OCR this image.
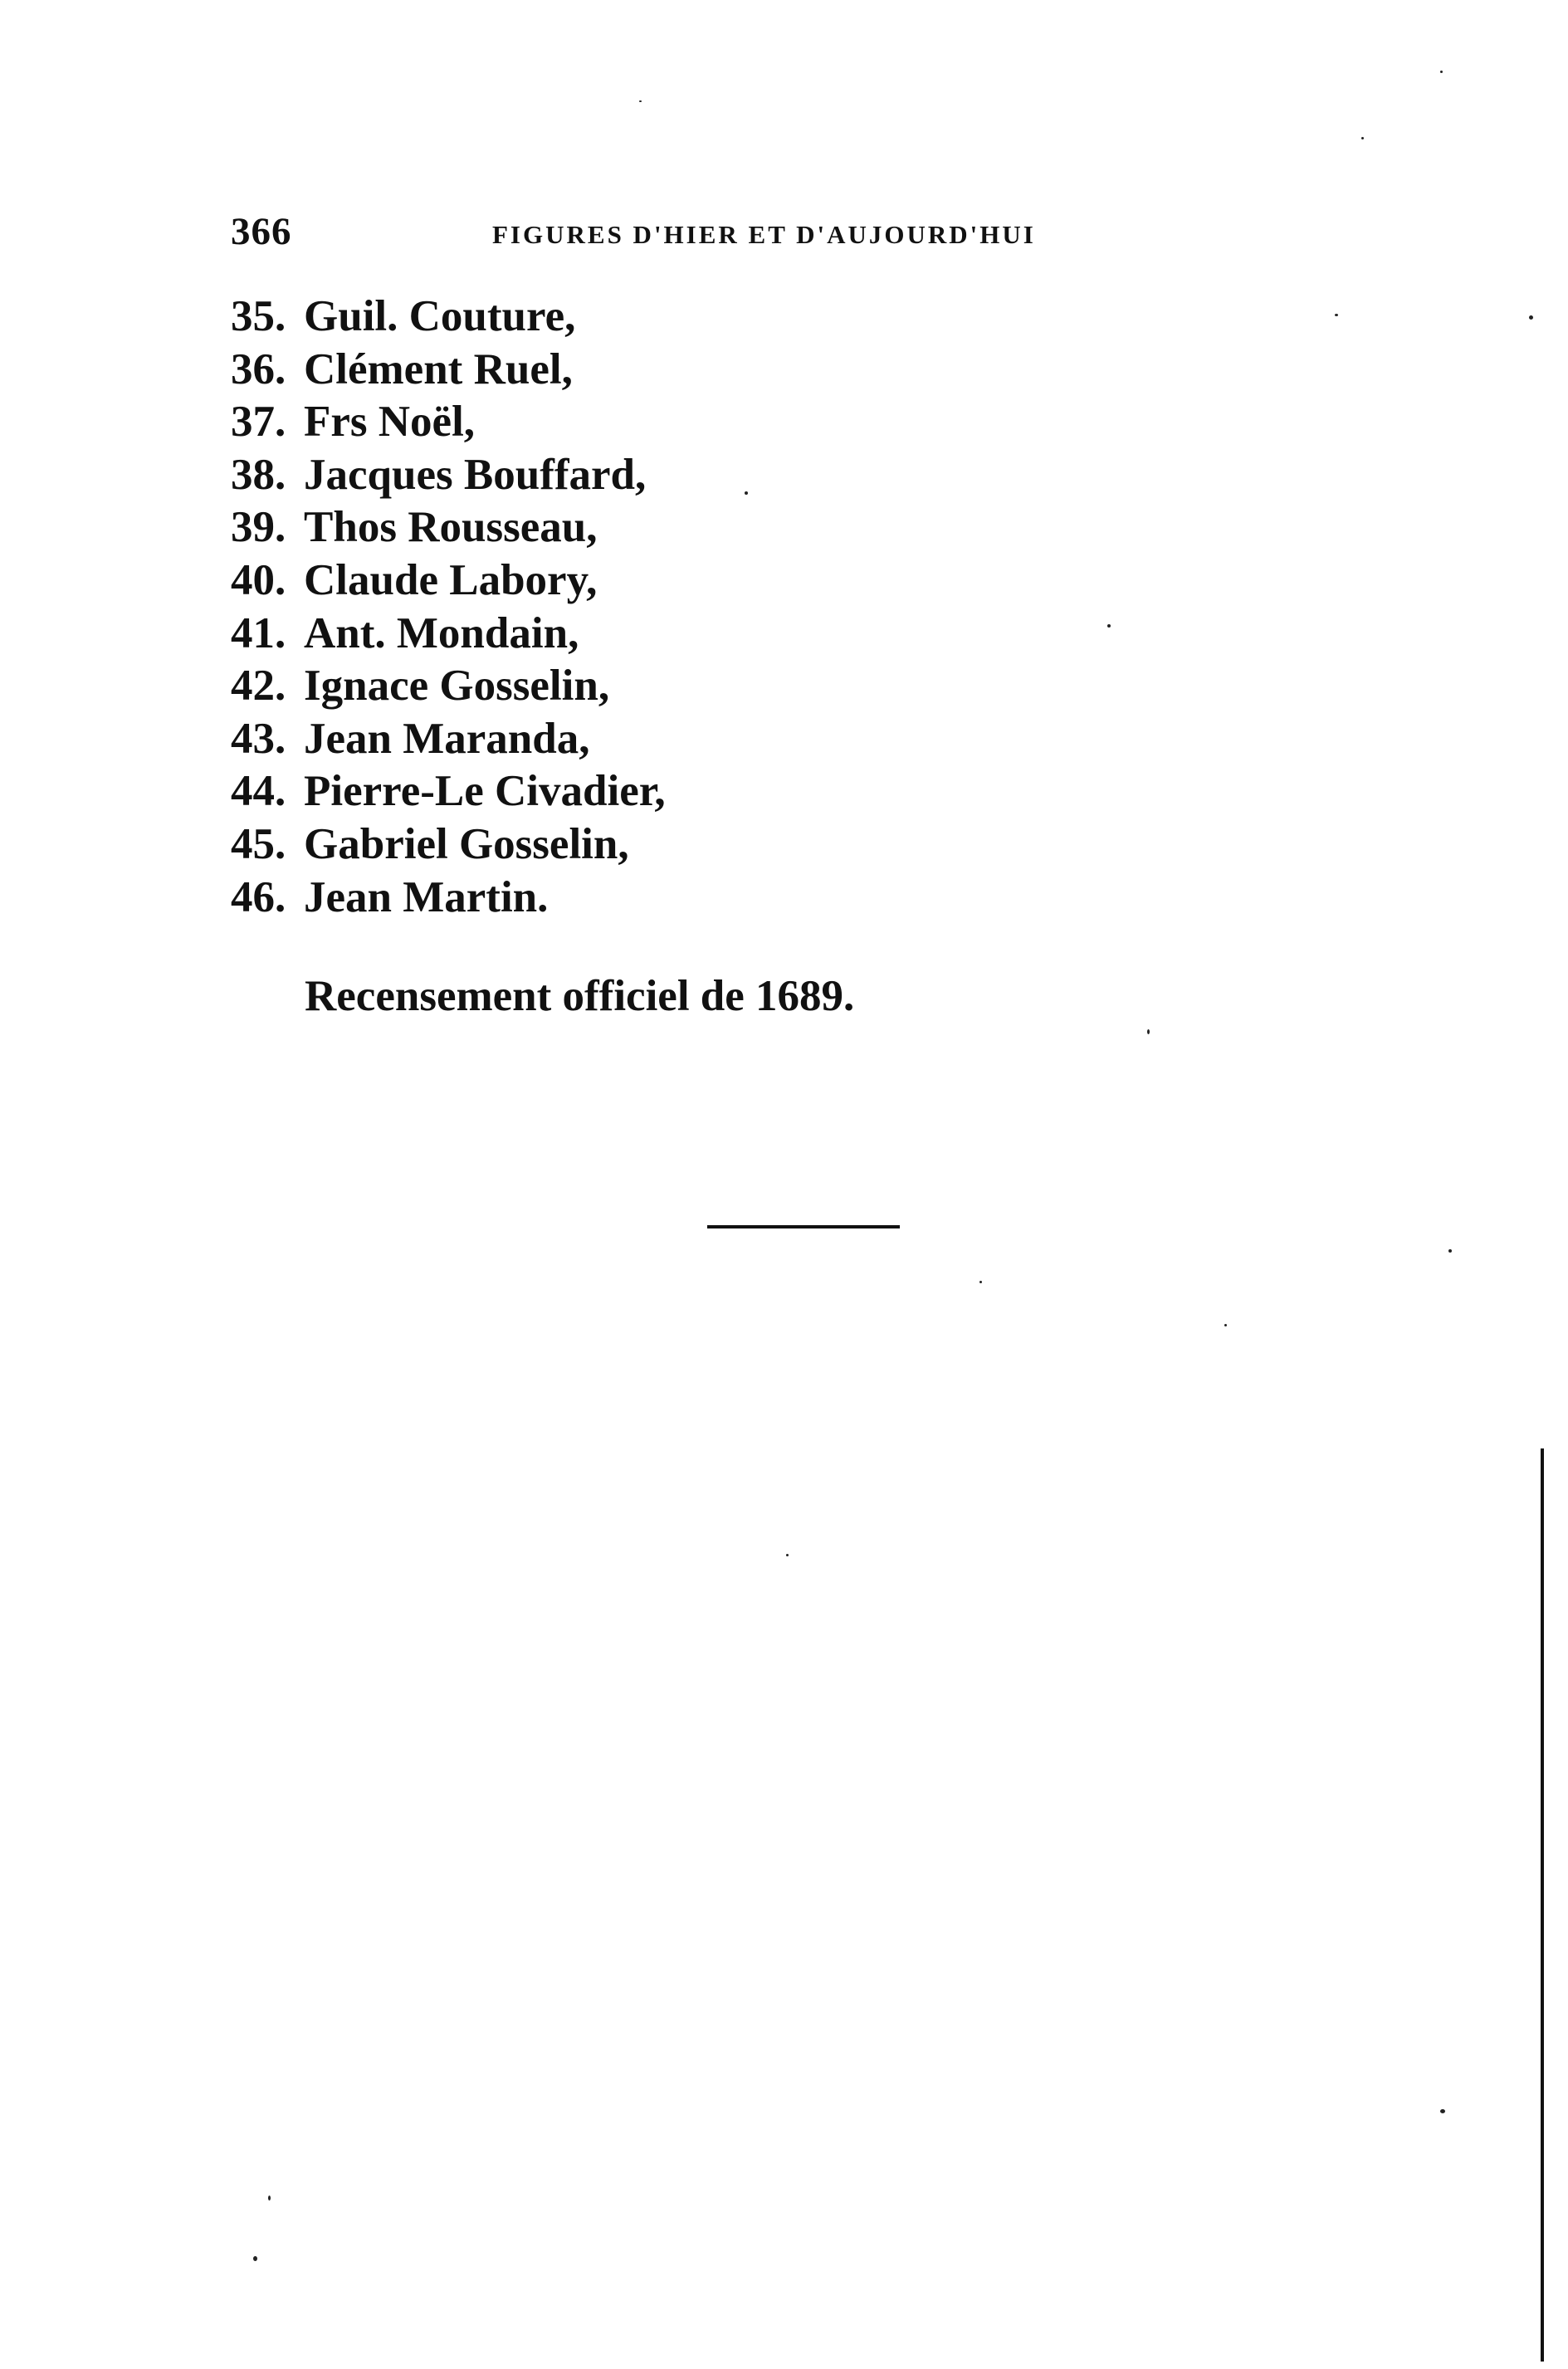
366	FIGURES D'HIER ET D'AUJOURD'HUI
35. Guil. Couture,
36. Clément Ruel,
37. Frs Noël,
38. Jacques Bouffard,
39. Thos Rousseau,
40. Claude Labory,
41. Ant. Mondain,
42. Ignace Gosselin,
43. Jean Maranda,
44. Pierre-Le Civadier,
45. Gabriel Gosselin,
46. Jean Martin.
Recensement officiel de 1689.
